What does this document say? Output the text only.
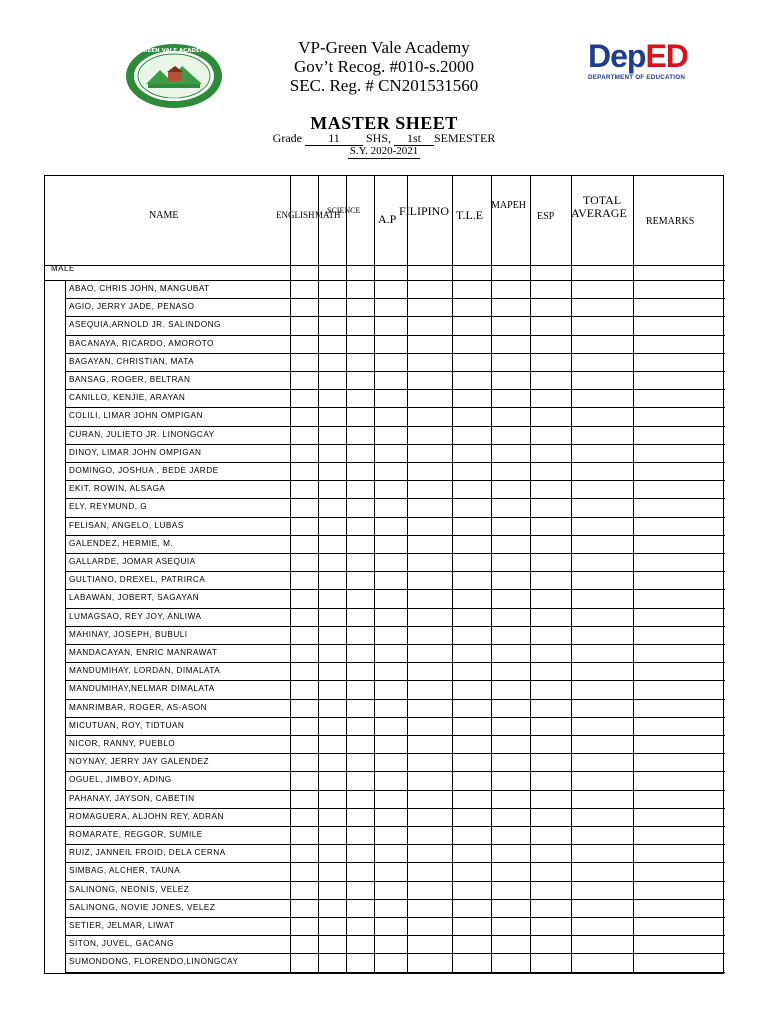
• 1996 •
GREEN VALE ACADEMY	VP-Green Vale Academy
Gov’t Recog. #010-s.2000
SEC. Reg. # CN201531560
DepED
DEPARTMENT OF EDUCATION
MASTER SHEET
Grade 11 SHS, 1st SEMESTER
S.Y. 2020-2021
NAME	ENGLISH MATH
SCIENCE
A.P
FILIPINO T.L.E
MAPEH
ESP
TOTAL
AVERAGE
REMARKS
MALE
ABAO, CHRIS JOHN, MANGUBAT
AGIO, JERRY JADE, PENASO
ASEQUIA,ARNOLD JR. SALINDONG
BACANAYA, RICARDO, AMOROTO
BAGAYAN, CHRISTIAN, MATA
BANSAG, ROGER, BELTRAN
CANILLO, KENJIE, ARAYAN
COLILI, LIMAR JOHN OMPIGAN
CURAN, JULIETO JR. LINONGCAY
DINOY, LIMAR JOHN OMPIGAN
DOMINGO, JOSHUA , BEDE JARDE
EKIT, ROWIN, ALSAGA
ELY, REYMUND, G
FELISAN, ANGELO, LUBAS
GALENDEZ, HERMIE, M.
GALLARDE, JOMAR ASEQUIA
GULTIANO, DREXEL, PATRIRCA
LABAWAN, JOBERT, SAGAYAN
LUMAGSAO, REY JOY, ANLIWA
MAHINAY, JOSEPH, BUBULI
MANDACAYAN, ENRIC MANRAWAT
MANDUMIHAY, LORDAN, DIMALATA
MANDUMIHAY,NELMAR DIMALATA
MANRIMBAR, ROGER, AS-ASON
MICUTUAN, ROY, TIDTUAN
NICOR, RANNY, PUEBLO
NOYNAY, JERRY JAY GALENDEZ
OGUEL, JIMBOY, ADING
PAHANAY, JAYSON, CABETIN
ROMAGUERA, ALJOHN REY, ADRAN
ROMARATE, REGGOR, SUMILE
RUIZ, JANNEIL FROID, DELA CERNA
SIMBAG, ALCHER, TAUNA
SALINONG, NEONIS, VELEZ
SALINONG, NOVIE JONES, VELEZ
SETIER, JELMAR, LIWAT
SITON, JUVEL, GACANG
SUMONDONG, FLORENDO,LINONGCAY
